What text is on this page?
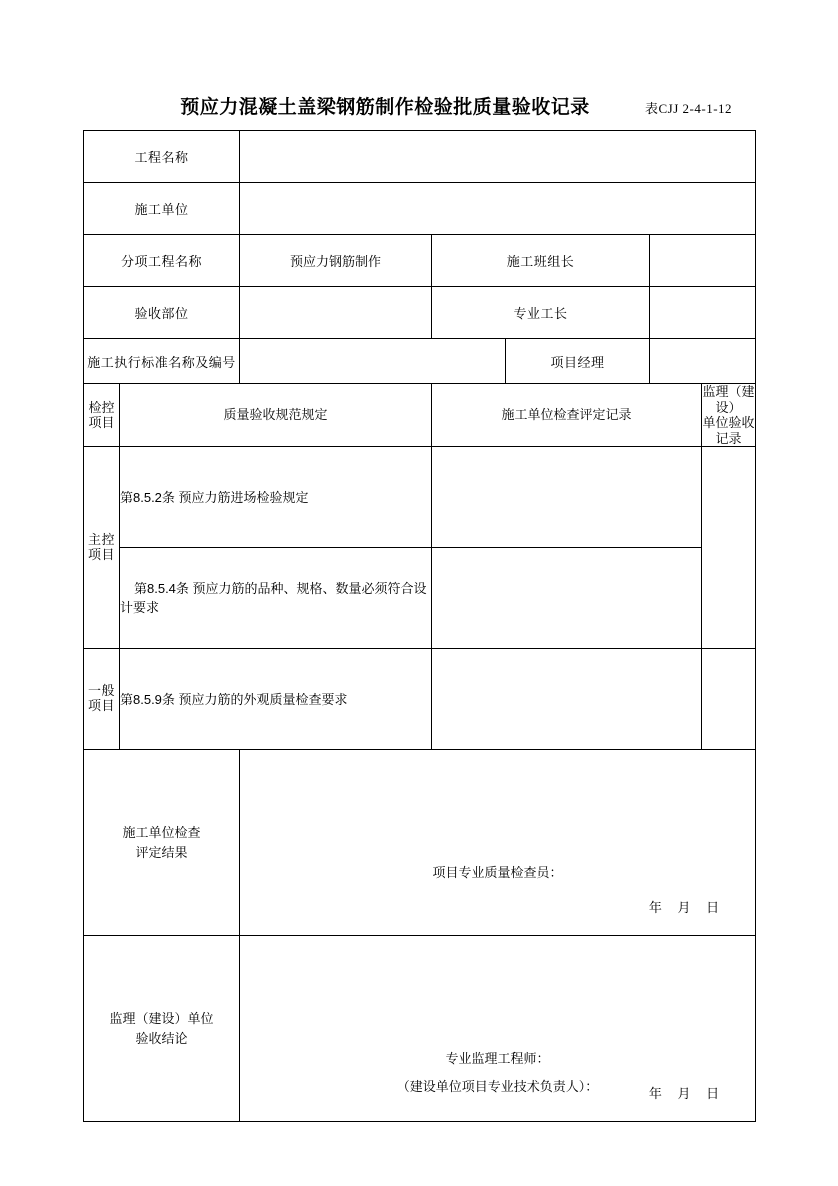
预应力混凝土盖梁钢筋制作检验批质量验收记录	表CJJ 2-4-1-12
工程名称						
施工单位						
分项工程名称		预应力钢筋制作	施工班组长			
验收部位			专业工长			
施工执行标准名称及编号				项目经理		

检控
项目
	质量验收规范规定	施工单位检查评定记录	
监理（建设）
单位验收记录

主控
项目	第8.5.2条 预应力筋进场检验规定					
	第8.5.4条 预应力筋的品种、规格、数量必须符合设计要求					

一般
项目	第8.5.9条 预应力筋的外观质量检查要求					

施工单位检查
评定结果

项目专业质量检查员：
年 月 日

监理（建设）单位
验收结论

专业监理工程师：
（建设单位项目专业技术负责人）：	年 月 日
